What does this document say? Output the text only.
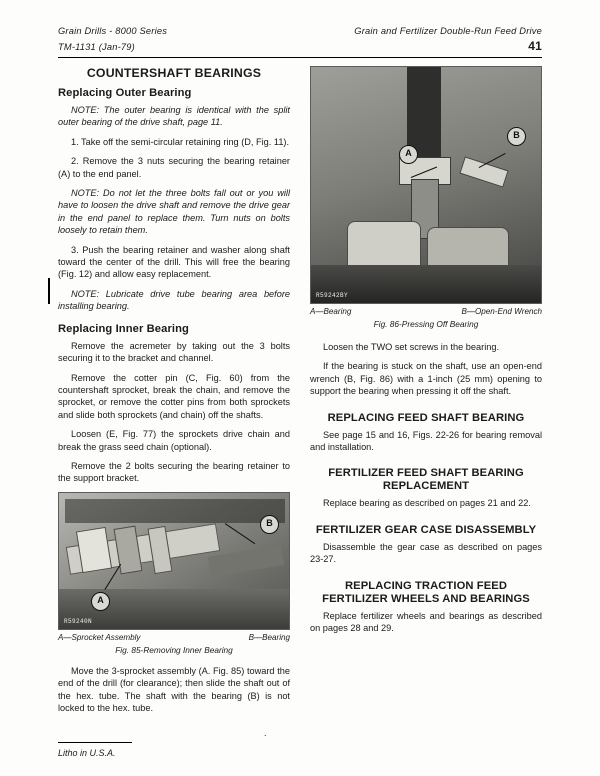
Grain Drills - 8000 Series	Grain and Fertilizer Double-Run Feed Drive
TM-1131 (Jan-79)	41
COUNTERSHAFT BEARINGS
Replacing Outer Bearing

NOTE: The outer bearing is identical with the split outer bearing of the drive shaft, page 11.

1. Take off the semi-circular retaining ring (D, Fig. 11).

2. Remove the 3 nuts securing the bearing retainer (A) to the end panel.

NOTE: Do not let the three bolts fall out or you will have to loosen the drive shaft and remove the drive gear in the end panel to replace them. Turn nuts on bolts loosely to retain them.

3. Push the bearing retainer and washer along shaft toward the center of the drill. This will free the bearing (Fig. 12) and allow easy replacement.

NOTE: Lubricate drive tube bearing area before installing bearing.

Replacing Inner Bearing

Remove the acremeter by taking out the 3 bolts securing it to the bracket and channel.

Remove the cotter pin (C, Fig. 60) from the countershaft sprocket, break the chain, and remove the sprocket, or remove the cotter pins from both sprockets and slide both sprockets (and chain) off the shafts.

Loosen (E, Fig. 77) the sprockets drive chain and break the grass seed chain (optional).

Remove the 2 bolts securing the bearing retainer to the support bracket.

B
A
R59240N
A—Sprocket Assembly	B—Bearing
Fig. 85-Removing Inner Bearing

Move the 3-sprocket assembly (A. Fig. 85) toward the end of the drill (for clearance); then slide the shaft out of the hex. tube. The shaft with the bearing (B) is not locked to the hex. tube.

A
B
R59242BY
A—Bearing	B—Open-End Wrench
Fig. 86-Pressing Off Bearing

Loosen the TWO set screws in the bearing.

If the bearing is stuck on the shaft, use an open-end wrench (B, Fig. 86) with a 1-inch (25 mm) opening to support the bearing when pressing it off the shaft.

REPLACING FEED SHAFT BEARING

See page 15 and 16, Figs. 22-26 for bearing removal and installation.

FERTILIZER FEED SHAFT BEARING
REPLACEMENT

Replace bearing as described on pages 21 and 22.

FERTILIZER GEAR CASE DISASSEMBLY

Disassemble the gear case as described on pages 23-27.

REPLACING TRACTION FEED
FERTILIZER WHEELS AND BEARINGS

Replace fertilizer wheels and bearings as described on pages 28 and 29.

.
Litho in U.S.A.
